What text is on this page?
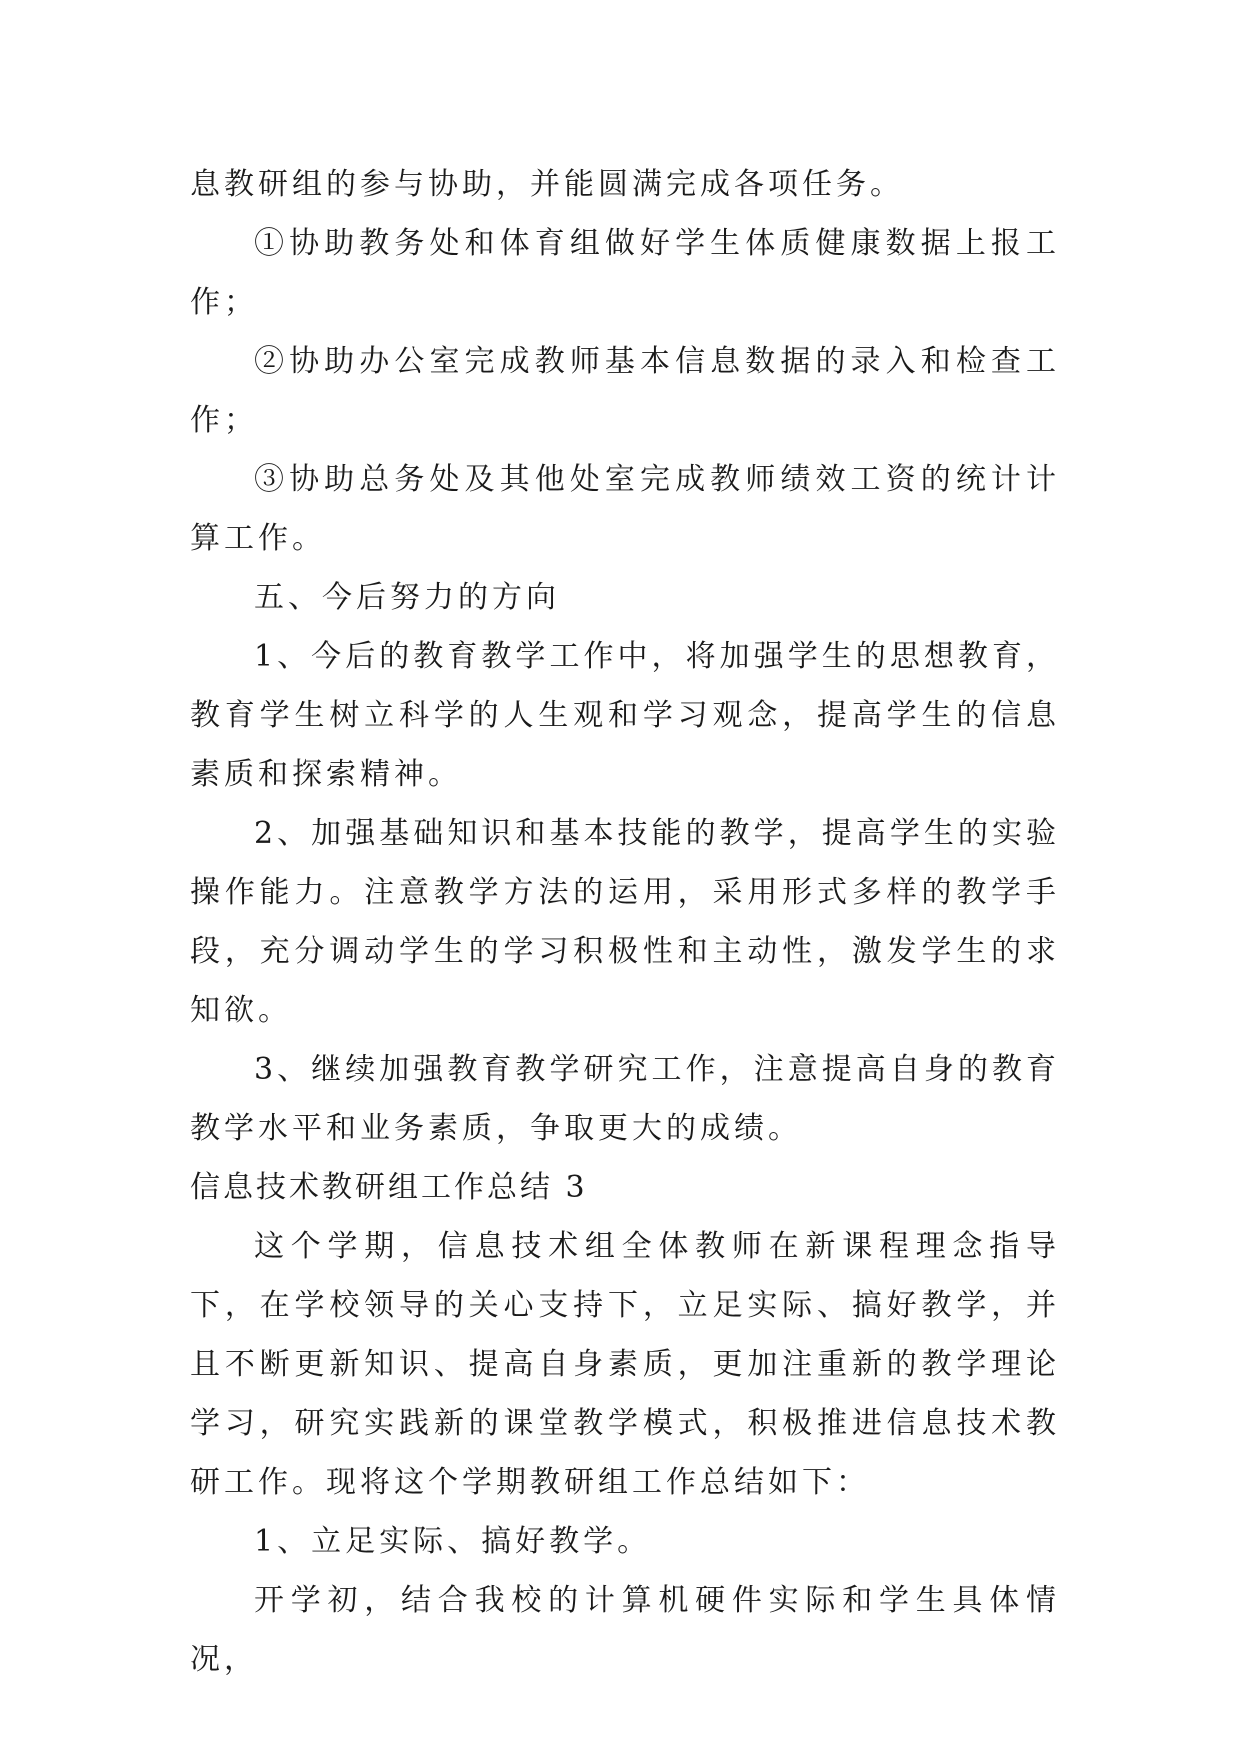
息教研组的参与协助，并能圆满完成各项任务。

①协助教务处和体育组做好学生体质健康数据上报工作；

②协助办公室完成教师基本信息数据的录入和检查工作；

③协助总务处及其他处室完成教师绩效工资的统计计算工作。

五、今后努力的方向

1、今后的教育教学工作中，将加强学生的思想教育，教育学生树立科学的人生观和学习观念，提高学生的信息素质和探索精神。

2、加强基础知识和基本技能的教学，提高学生的实验操作能力。注意教学方法的运用，采用形式多样的教学手段，充分调动学生的学习积极性和主动性，激发学生的求知欲。

3、继续加强教育教学研究工作，注意提高自身的教育教学水平和业务素质，争取更大的成绩。

信息技术教研组工作总结 3

这个学期，信息技术组全体教师在新课程理念指导下，在学校领导的关心支持下，立足实际、搞好教学，并且不断更新知识、提高自身素质，更加注重新的教学理论学习，研究实践新的课堂教学模式，积极推进信息技术教研工作。现将这个学期教研组工作总结如下：

1、立足实际、搞好教学。

开学初，结合我校的计算机硬件实际和学生具体情况，
